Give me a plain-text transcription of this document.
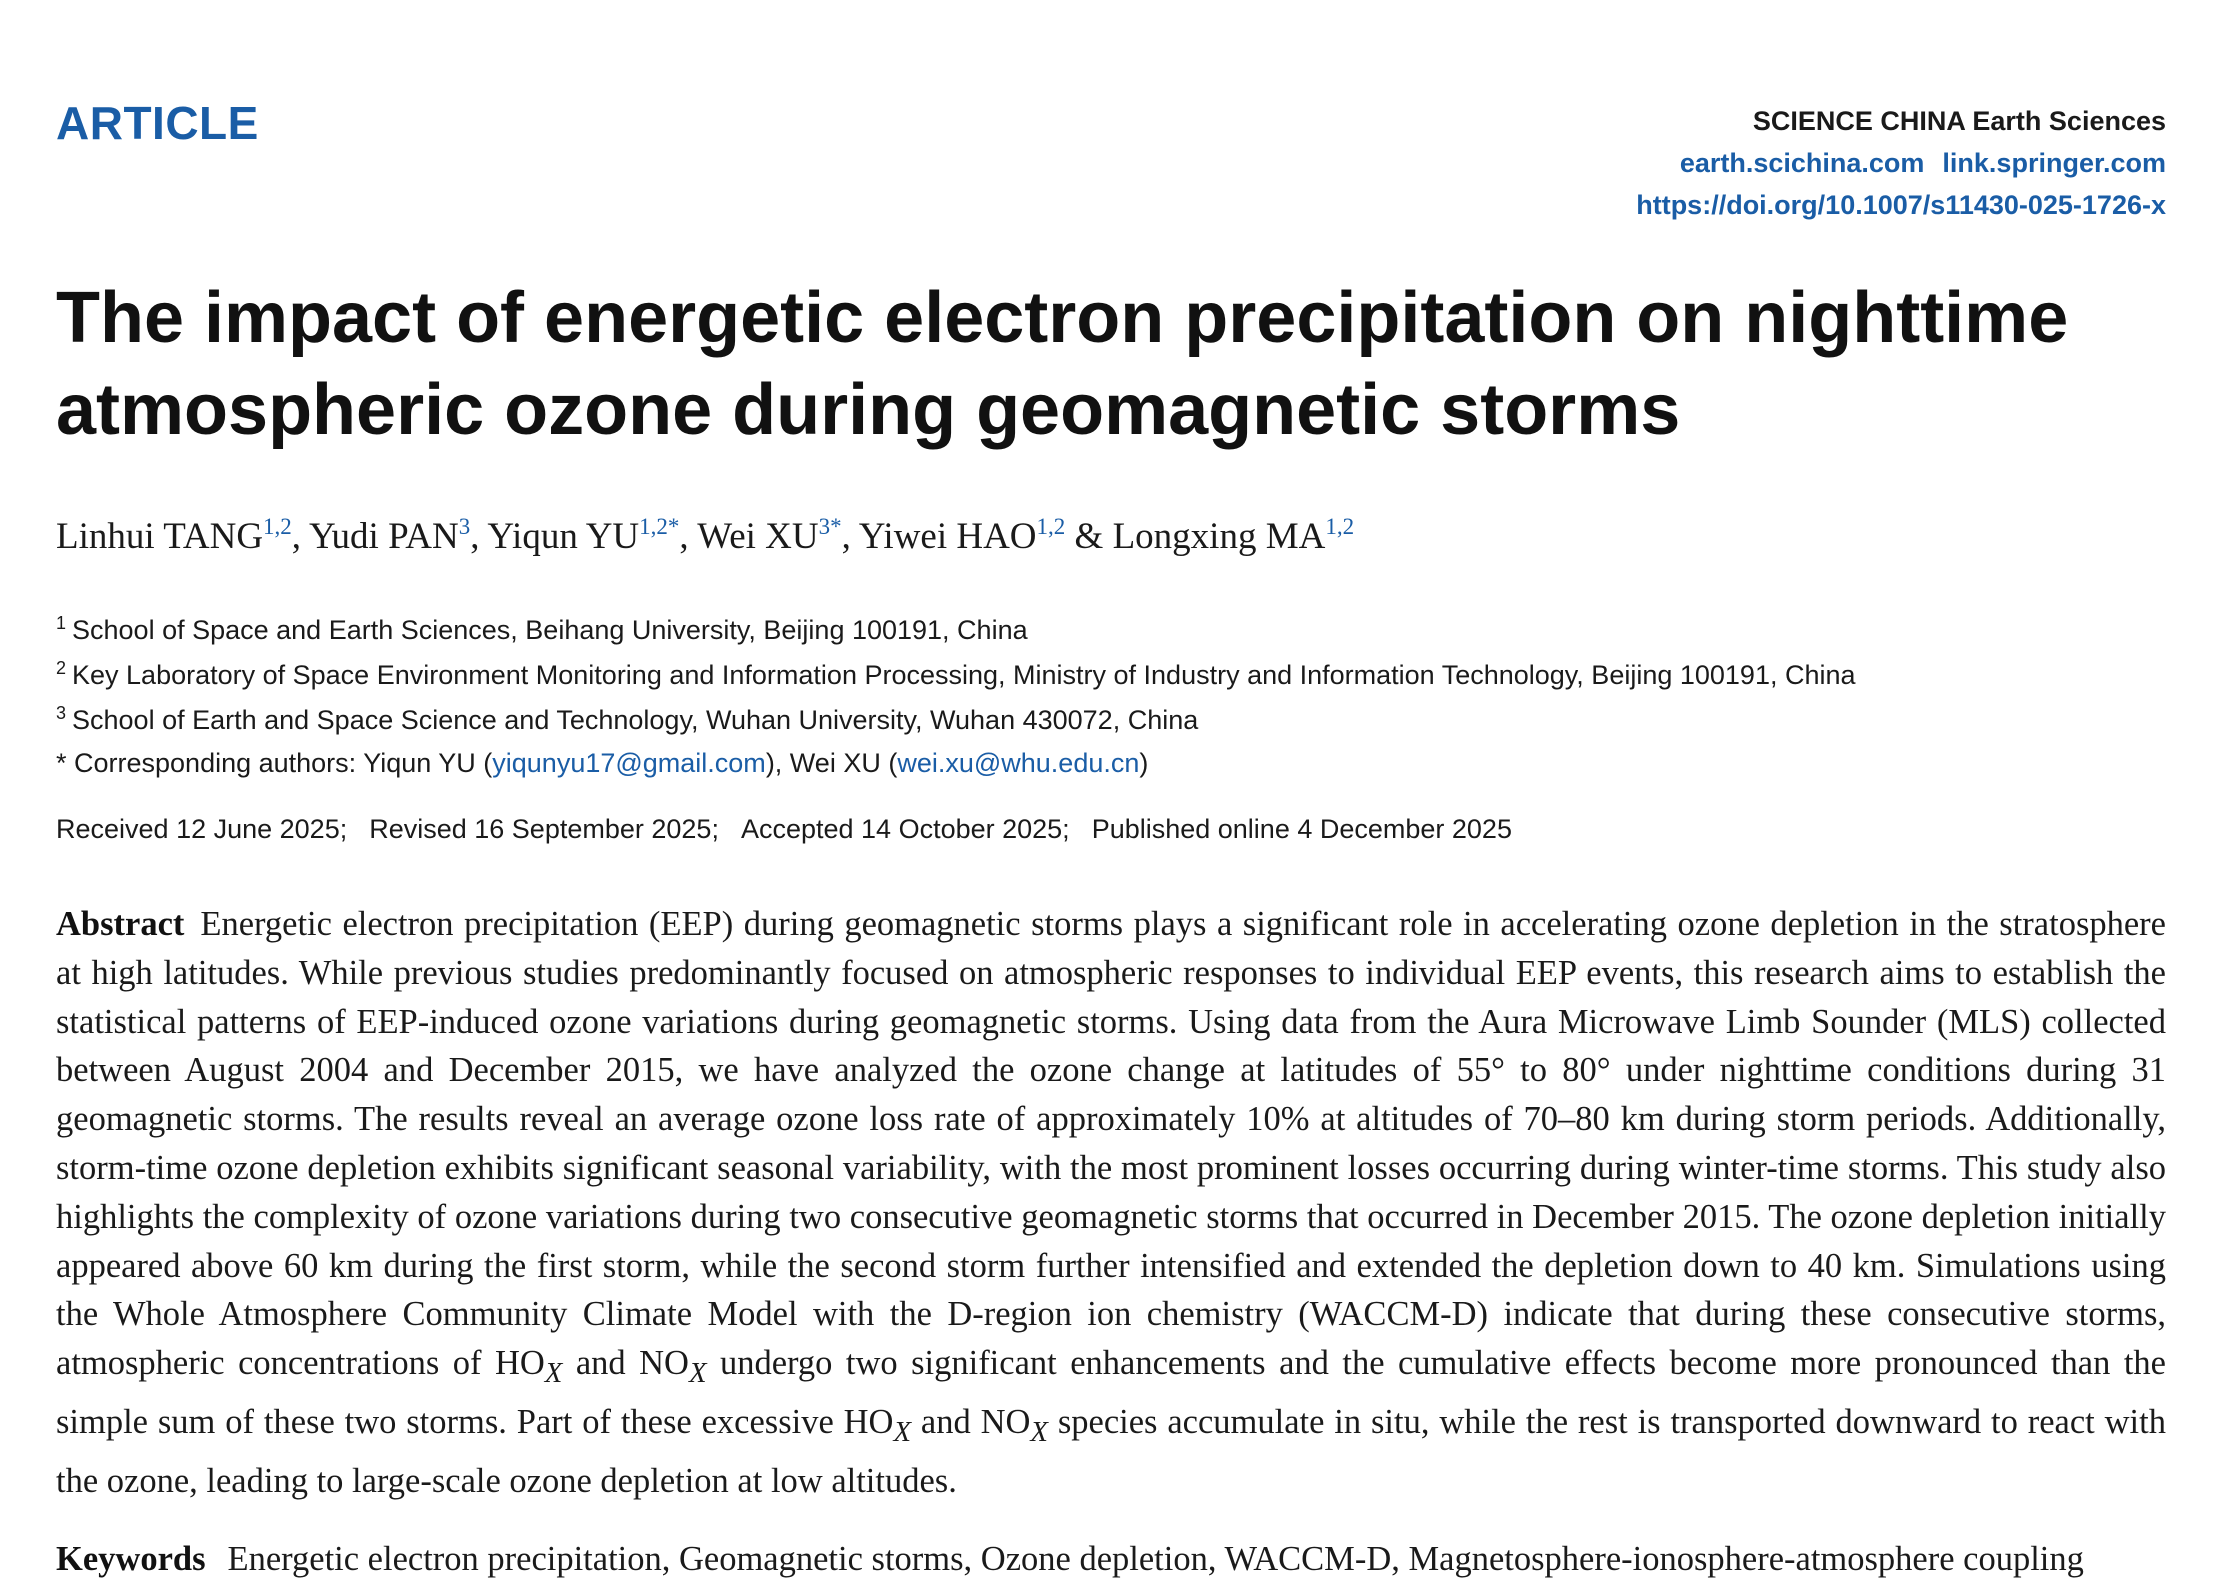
ARTICLE	SCIENCE CHINA Earth Sciences
earth.scichina.com link.springer.com
https://doi.org/10.1007/s11430-025-1726-x
The impact of energetic electron precipitation on nighttime atmospheric ozone during geomagnetic storms
Linhui TANG$^{1,2}$, Yudi PAN$^3$, Yiqun $YU^{1,2*}$, Wei $XU^{3*}$, Yiwei HAO$^{1,2}$ & Longxing MA$^{1,2}$
$^1$ School of Space and Earth Sciences, Beihang University, Beijing 100191, China
$^2$ Key Laboratory of Space Environment Monitoring and Information Processing, Ministry of Industry and Information Technology, Beijing 100191, China
$^3$ School of Earth and Space Science and Technology, Wuhan University, Wuhan 430072, China
* Corresponding authors: Yiqun YU (yiqunyu17@gmail.com), Wei XU (wei.xu@whu.edu.cn)
Received 12 June 2025; Revised 16 September 2025; Accepted 14 October 2025; Published online 4 December 2025
Abstract Energetic electron precipitation (EEP) during geomagnetic storms plays a significant role in accelerating ozone depletion in the stratosphere at high latitudes. While previous studies predominantly focused on atmospheric responses to individual EEP events, this research aims to establish the statistical patterns of EEP-induced ozone variations during geomagnetic storms. Using data from the Aura Microwave Limb Sounder (MLS) collected between August 2004 and December 2015, we have analyzed the ozone change at latitudes of 55° to 80° under nighttime conditions during 31 geomagnetic storms. The results reveal an average ozone loss rate of approximately 10% at altitudes of 70–80 km during storm periods. Additionally, storm-time ozone depletion exhibits significant seasonal variability, with the most prominent losses occurring during winter-time storms. This study also highlights the complexity of ozone variations during two consecutive geomagnetic storms that occurred in December 2015. The ozone depletion initially appeared above 60 km during the first storm, while the second storm further intensified and extended the depletion down to 40 km. Simulations using the Whole Atmosphere Community Climate Model with the D-region ion chemistry (WACCM-D) indicate that during these consecutive storms, atmospheric concentrations of $HO_X$ and $NO_X$ undergo two significant enhancements and the cumulative effects become more pronounced than the simple sum of these two storms. Part of these excessive $HO_X$ and $NO_X$ species accumulate in situ, while the rest is transported downward to react with the ozone, leading to large-scale ozone depletion at low altitudes.
Keywords Energetic electron precipitation, Geomagnetic storms, Ozone depletion, WACCM-D, Magnetosphere-ionosphere-atmosphere coupling
